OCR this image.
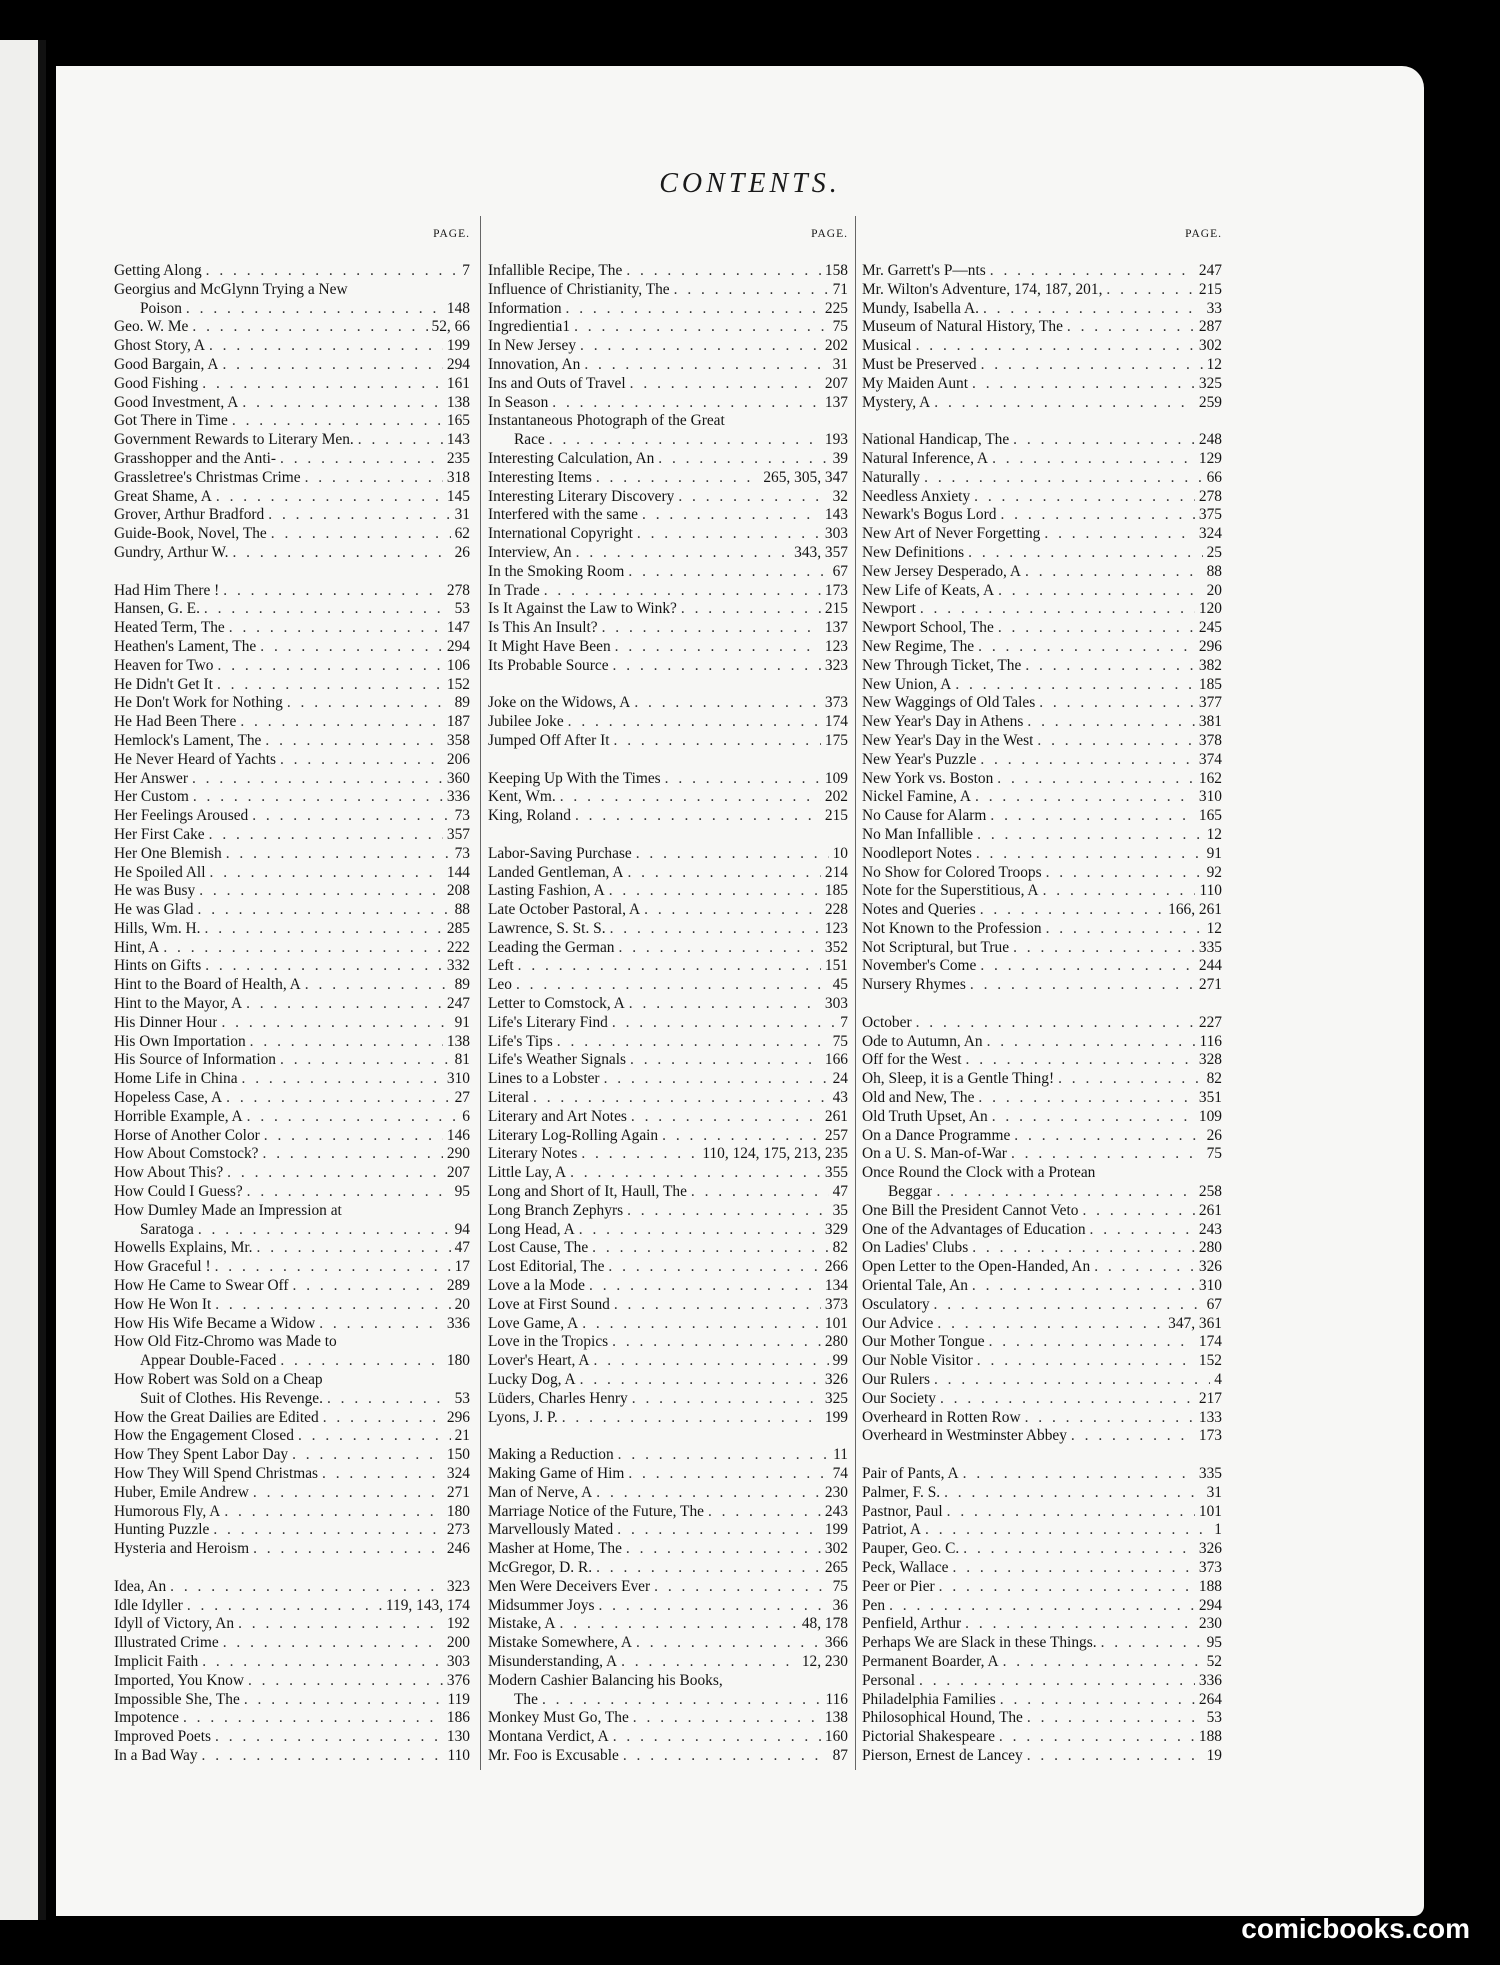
CONTENTS.
PAGE.
Getting Along . . .	7
Georgius and McGlynn Trying a New
Poison . . .	148
Geo. W. Me . . .	52, 66
Ghost Story, A . . .	199
Good Bargain, A . . .	294
Good Fishing . . .	161
Good Investment, A . . .	138
Got There in Time . . .	165
Government Rewards to Literary Men. . . .	143
Grasshopper and the Anti- . . .	235
Grassletree's Christmas Crime . . .	318
Great Shame, A . . .	145
Grover, Arthur Bradford . . .	31
Guide-Book, Novel, The . . .	62
Gundry, Arthur W. . . .	26
Had Him There ! . . .	278
Hansen, G. E. . . .	53
Heated Term, The . . .	147
Heathen's Lament, The . . .	294
Heaven for Two . . .	106
He Didn't Get It . . .	152
He Don't Work for Nothing . . .	89
He Had Been There . . .	187
Hemlock's Lament, The . . .	358
He Never Heard of Yachts . . .	206
Her Answer . . .	360
Her Custom . . .	336
Her Feelings Aroused . . .	73
Her First Cake . . .	357
Her One Blemish . . .	73
He Spoiled All . . .	144
He was Busy . . .	208
He was Glad . . .	88
Hills, Wm. H. . . .	285
Hint, A . . .	222
Hints on Gifts . . .	332
Hint to the Board of Health, A . . .	89
Hint to the Mayor, A . . .	247
His Dinner Hour . . .	91
His Own Importation . . .	138
His Source of Information . . .	81
Home Life in China . . .	310
Hopeless Case, A . . .	27
Horrible Example, A . . .	6
Horse of Another Color . . .	146
How About Comstock? . . .	290
How About This? . . .	207
How Could I Guess? . . .	95
How Dumley Made an Impression at
Saratoga . . .	94
Howells Explains, Mr. . . .	47
How Graceful ! . . .	17
How He Came to Swear Off . . .	289
How He Won It . . .	20
How His Wife Became a Widow . . .	336
How Old Fitz-Chromo was Made to
Appear Double-Faced . . .	180
How Robert was Sold on a Cheap
Suit of Clothes. His Revenge. . . .	53
How the Great Dailies are Edited . . .	296
How the Engagement Closed . . .	21
How They Spent Labor Day . . .	150
How They Will Spend Christmas . . .	324
Huber, Emile Andrew . . .	271
Humorous Fly, A . . .	180
Hunting Puzzle . . .	273
Hysteria and Heroism . . .	246
Idea, An . . .	323
Idle Idyller . . .	119, 143, 174
Idyll of Victory, An . . .	192
Illustrated Crime . . .	200
Implicit Faith . . .	303
Imported, You Know . . .	376
Impossible She, The . . .	119
Impotence . . .	186
Improved Poets . . .	130
In a Bad Way . . .	110
PAGE.
Infallible Recipe, The . . .	158
Influence of Christianity, The . . .	71
Information . . .	225
Ingredientia1 . . .	75
In New Jersey . . .	202
Innovation, An . . .	31
Ins and Outs of Travel . . .	207
In Season . . .	137
Instantaneous Photograph of the Great
Race . . .	193
Interesting Calculation, An . . .	39
Interesting Items . . .	265, 305, 347
Interesting Literary Discovery . . .	32
Interfered with the same . . .	143
International Copyright . . .	303
Interview, An . . .	343, 357
In the Smoking Room . . .	67
In Trade . . .	173
Is It Against the Law to Wink? . . .	215
Is This An Insult? . . .	137
It Might Have Been . . .	123
Its Probable Source . . .	323
Joke on the Widows, A . . .	373
Jubilee Joke . . .	174
Jumped Off After It . . .	175
Keeping Up With the Times . . .	109
Kent, Wm. . . .	202
King, Roland . . .	215
Labor-Saving Purchase . . .	10
Landed Gentleman, A . . .	214
Lasting Fashion, A . . .	185
Late October Pastoral, A . . .	228
Lawrence, S. St. S. . . .	123
Leading the German . . .	352
Left . . .	151
Leo . . .	45
Letter to Comstock, A . . .	303
Life's Literary Find . . .	7
Life's Tips . . .	75
Life's Weather Signals . . .	166
Lines to a Lobster . . .	24
Literal . . .	43
Literary and Art Notes . . .	261
Literary Log-Rolling Again . . .	257
Literary Notes . . .	110, 124, 175, 213, 235
Little Lay, A . . .	355
Long and Short of It, Haull, The . . .	47
Long Branch Zephyrs . . .	35
Long Head, A . . .	329
Lost Cause, The . . .	82
Lost Editorial, The . . .	266
Love a la Mode . . .	134
Love at First Sound . . .	373
Love Game, A . . .	101
Love in the Tropics . . .	280
Lover's Heart, A . . .	99
Lucky Dog, A . . .	326
Lüders, Charles Henry . . .	325
Lyons, J. P. . . .	199
Making a Reduction . . .	11
Making Game of Him . . .	74
Man of Nerve, A . . .	230
Marriage Notice of the Future, The . . .	243
Marvellously Mated . . .	199
Masher at Home, The . . .	302
McGregor, D. R. . . .	265
Men Were Deceivers Ever . . .	75
Midsummer Joys . . .	36
Mistake, A . . .	48, 178
Mistake Somewhere, A . . .	366
Misunderstanding, A . . .	12, 230
Modern Cashier Balancing his Books,
The . . .	116
Monkey Must Go, The . . .	138
Montana Verdict, A . . .	160
Mr. Foo is Excusable . . .	87
PAGE.
Mr. Garrett's P—nts . . .	247
Mr. Wilton's Adventure, 174, 187, 201, . . .	215
Mundy, Isabella A. . . .	33
Museum of Natural History, The . . .	287
Musical . . .	302
Must be Preserved . . .	12
My Maiden Aunt . . .	325
Mystery, A . . .	259
National Handicap, The . . .	248
Natural Inference, A . . .	129
Naturally . . .	66
Needless Anxiety . . .	278
Newark's Bogus Lord . . .	375
New Art of Never Forgetting . . .	324
New Definitions . . .	25
New Jersey Desperado, A . . .	88
New Life of Keats, A . . .	20
Newport . . .	120
Newport School, The . . .	245
New Regime, The . . .	296
New Through Ticket, The . . .	382
New Union, A . . .	185
New Waggings of Old Tales . . .	377
New Year's Day in Athens . . .	381
New Year's Day in the West . . .	378
New Year's Puzzle . . .	374
New York vs. Boston . . .	162
Nickel Famine, A . . .	310
No Cause for Alarm . . .	165
No Man Infallible . . .	12
Noodleport Notes . . .	91
No Show for Colored Troops . . .	92
Note for the Superstitious, A . . .	110
Notes and Queries . . .	166, 261
Not Known to the Profession . . .	12
Not Scriptural, but True . . .	335
November's Come . . .	244
Nursery Rhymes . . .	271
October . . .	227
Ode to Autumn, An . . .	116
Off for the West . . .	328
Oh, Sleep, it is a Gentle Thing! . . .	82
Old and New, The . . .	351
Old Truth Upset, An . . .	109
On a Dance Programme . . .	26
On a U. S. Man-of-War . . .	75
Once Round the Clock with a Protean
Beggar . . .	258
One Bill the President Cannot Veto . . .	261
One of the Advantages of Education . . .	243
On Ladies' Clubs . . .	280
Open Letter to the Open-Handed, An . . .	326
Oriental Tale, An . . .	310
Osculatory . . .	67
Our Advice . . .	347, 361
Our Mother Tongue . . .	174
Our Noble Visitor . . .	152
Our Rulers . . .	4
Our Society . . .	217
Overheard in Rotten Row . . .	133
Overheard in Westminster Abbey . . .	173
Pair of Pants, A . . .	335
Palmer, F. S. . . .	31
Pastnor, Paul . . .	101
Patriot, A . . .	1
Pauper, Geo. C. . . .	326
Peck, Wallace . . .	373
Peer or Pier . . .	188
Pen . . .	294
Penfield, Arthur . . .	230
Perhaps We are Slack in these Things. . . .	95
Permanent Boarder, A . . .	52
Personal . . .	336
Philadelphia Families . . .	264
Philosophical Hound, The . . .	53
Pictorial Shakespeare . . .	188
Pierson, Ernest de Lancey . . .	19
comicbooks.com
